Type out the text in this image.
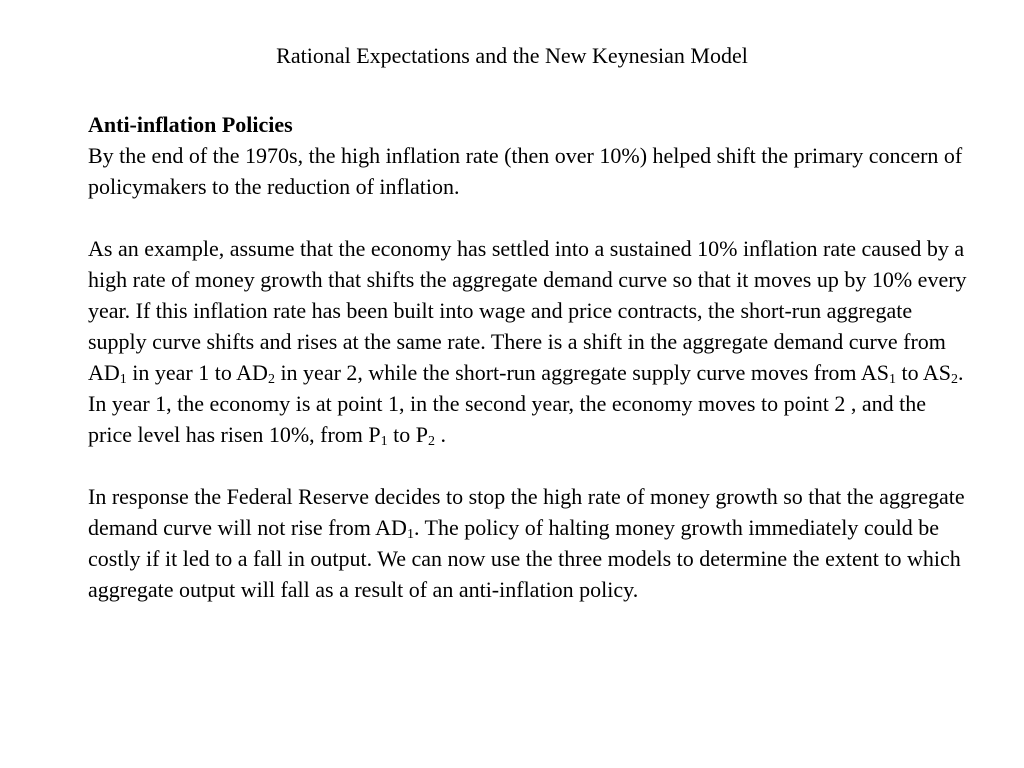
Rational Expectations and the New Keynesian Model
Anti-inflation Policies

By the end of the 1970s, the high inflation rate (then over 10%) helped shift the primary concern of policymakers to the reduction of inflation.

As an example, assume that the economy has settled into a sustained 10% inflation rate caused by a high rate of money growth that shifts the aggregate demand curve so that it moves up by 10% every year. If this inflation rate has been built into wage and price contracts, the short-run aggregate supply curve shifts and rises at the same rate. There is a shift in the aggregate demand curve from $AD_1$ in year 1 to $AD_2$ in year 2, while the short-run aggregate supply curve moves from $AS_1$ to $AS_2$. In year 1, the economy is at point 1, in the second year, the economy moves to point 2 , and the price level has risen 10%, from $P_1$ to $P_2$ .

In response the Federal Reserve decides to stop the high rate of money growth so that the aggregate demand curve will not rise from $AD_1$. The policy of halting money growth immediately could be costly if it led to a fall in output. We can now use the three models to determine the extent to which aggregate output will fall as a result of an anti-inflation policy.
